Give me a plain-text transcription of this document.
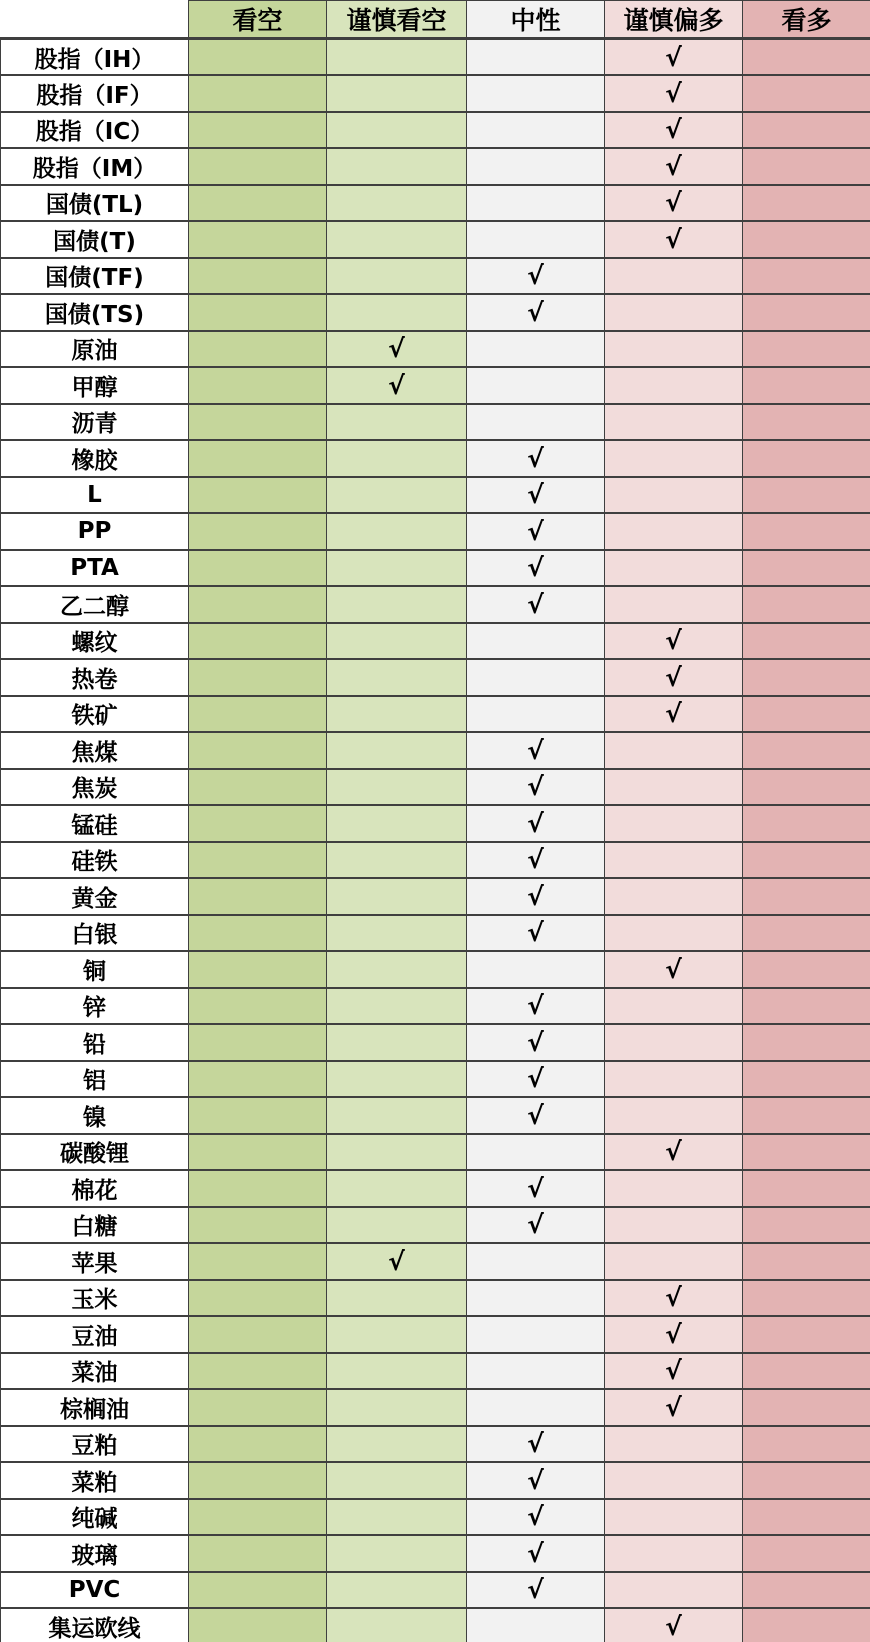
	看空	谨慎看空	中性	谨慎偏多	看多
股指（IH）				√	
股指（IF）				√	
股指（IC）				√	
股指（IM）				√	
国债(TL)				√	
国债(T)				√	
国债(TF)			√		
国债(TS)			√		
原油		√			
甲醇		√			
沥青					
橡胶			√		
L			√		
PP			√		
PTA			√		
乙二醇			√		
螺纹				√	
热卷				√	
铁矿				√	
焦煤			√		
焦炭			√		
锰硅			√		
硅铁			√		
黄金			√		
白银			√		
铜				√	
锌			√		
铅			√		
铝			√		
镍			√		
碳酸锂				√	
棉花			√		
白糖			√		
苹果		√			
玉米				√	
豆油				√	
菜油				√	
棕榈油				√	
豆粕			√		
菜粕			√		
纯碱			√		
玻璃			√		
PVC			√		
集运欧线				√	
